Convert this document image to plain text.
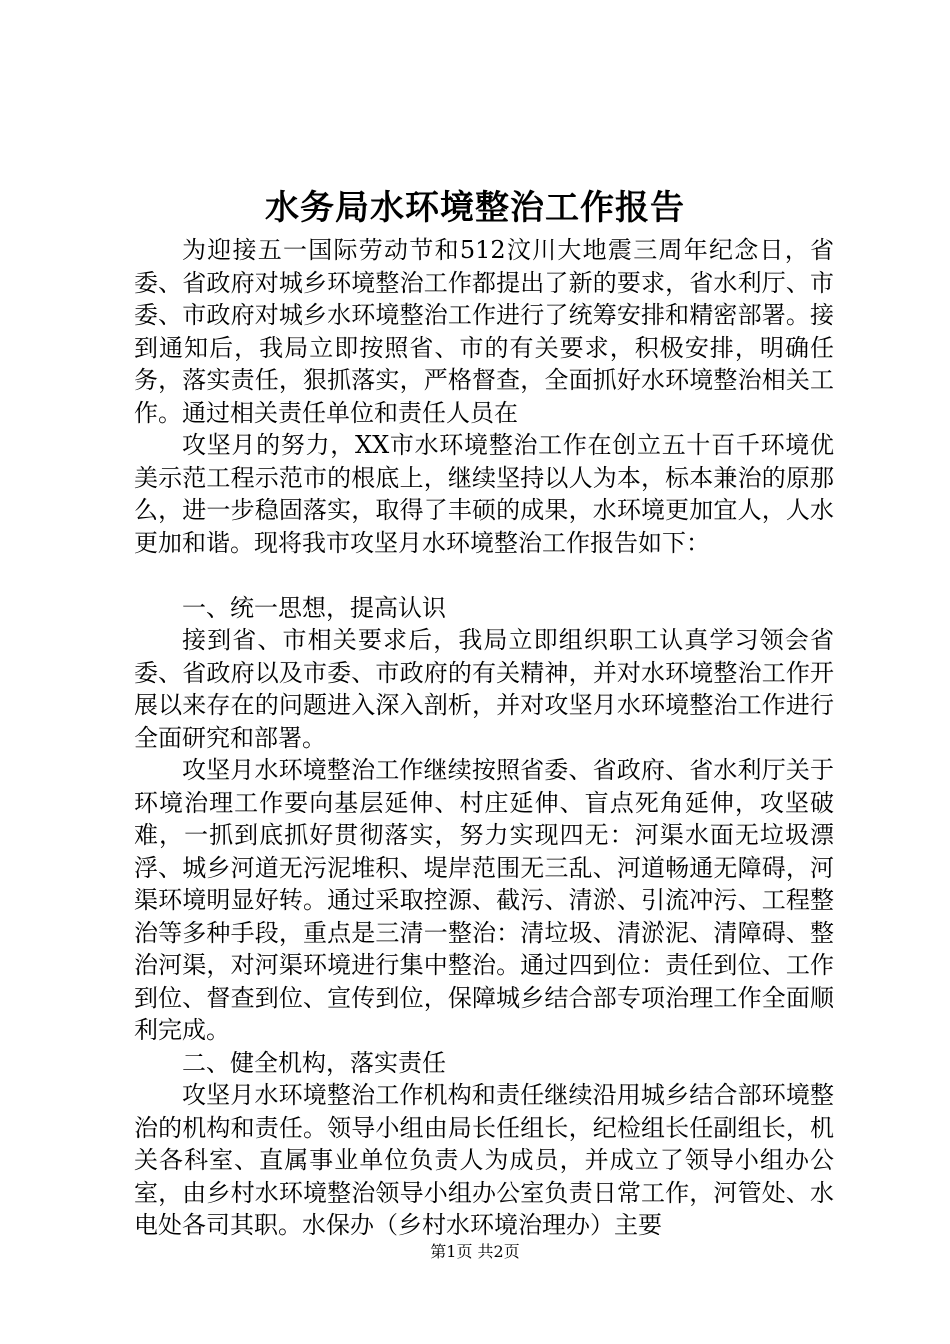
水务局水环境整治工作报告

为迎接五一国际劳动节和512汶川大地震三周年纪念日，省委、省政府对城乡环境整治工作都提出了新的要求，省水利厅、市委、市政府对城乡水环境整治工作进行了统筹安排和精密部署。接到通知后，我局立即按照省、市的有关要求，积极安排，明确任务，落实责任，狠抓落实，严格督查，全面抓好水环境整治相关工作。通过相关责任单位和责任人员在

攻坚月的努力，XX市水环境整治工作在创立五十百千环境优美示范工程示范市的根底上，继续坚持以人为本，标本兼治的原那么，进一步稳固落实，取得了丰硕的成果，水环境更加宜人，人水更加和谐。现将我市攻坚月水环境整治工作报告如下：

一、统一思想，提高认识

接到省、市相关要求后，我局立即组织职工认真学习领会省委、省政府以及市委、市政府的有关精神，并对水环境整治工作开展以来存在的问题进入深入剖析，并对攻坚月水环境整治工作进行全面研究和部署。

攻坚月水环境整治工作继续按照省委、省政府、省水利厅关于环境治理工作要向基层延伸、村庄延伸、盲点死角延伸，攻坚破难，一抓到底抓好贯彻落实，努力实现四无：河渠水面无垃圾漂浮、城乡河道无污泥堆积、堤岸范围无三乱、河道畅通无障碍，河渠环境明显好转。通过采取控源、截污、清淤、引流冲污、工程整治等多种手段，重点是三清一整治：清垃圾、清淤泥、清障碍、整治河渠，对河渠环境进行集中整治。通过四到位：责任到位、工作到位、督查到位、宣传到位，保障城乡结合部专项治理工作全面顺利完成。

二、健全机构，落实责任

攻坚月水环境整治工作机构和责任继续沿用城乡结合部环境整治的机构和责任。领导小组由局长任组长，纪检组长任副组长，机关各科室、直属事业单位负责人为成员，并成立了领导小组办公室，由乡村水环境整治领导小组办公室负责日常工作，河管处、水电处各司其职。水保办（乡村水环境治理办）主要

第1页 共2页
